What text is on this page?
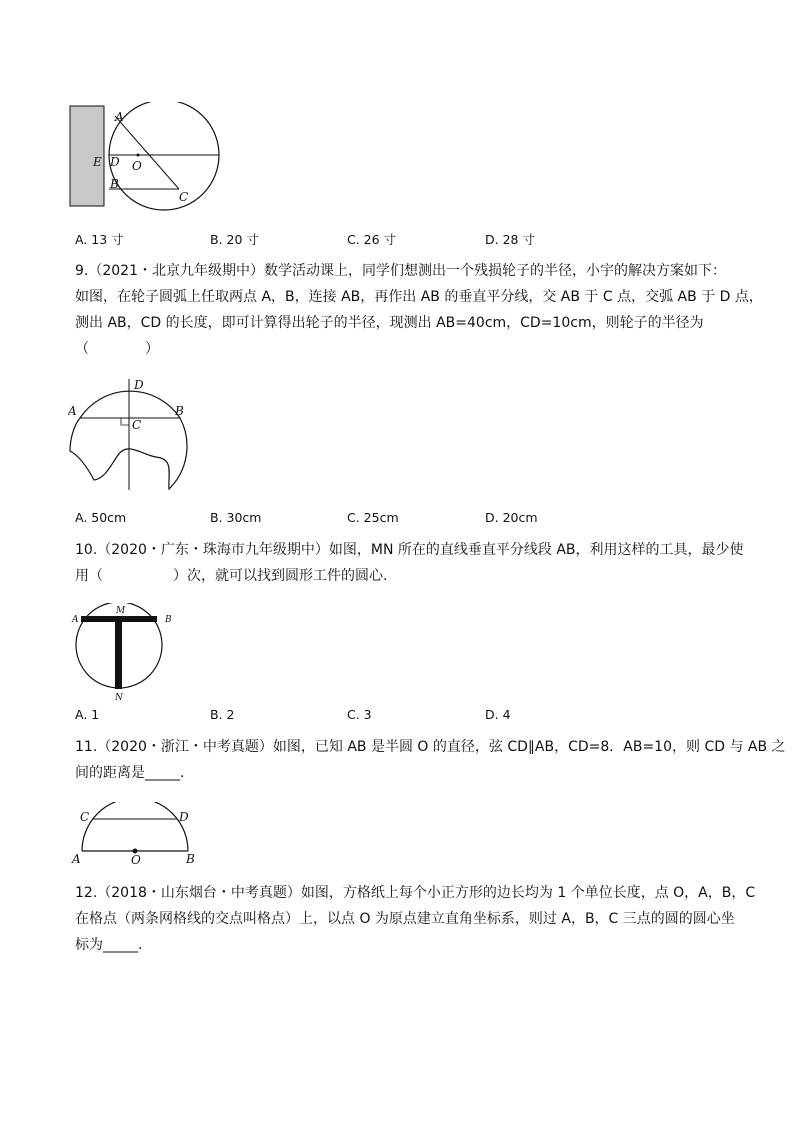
A
E D O
B
C
A. 13 寸	B. 20 寸	C. 26 寸	D. 28 寸

9.（2021・北京九年级期中）数学活动课上，同学们想测出一个残损轮子的半径，小宇的解决方案如下：

如图，在轮子圆弧上任取两点 A，B，连接 AB，再作出 AB 的垂直平分线，交 AB 于 C 点，交弧 AB 于 D 点，

测出 AB，CD 的长度，即可计算得出轮子的半径，现测出 AB=40cm，CD=10cm，则轮子的半径为

（　　　　）

A	B
C
D
A. 50cm	B. 30cm	C. 25cm	D. 20cm

10.（2020・广东・珠海市九年级期中）如图，MN 所在的直线垂直平分线段 AB，利用这样的工具，最少使

用（　　　　　）次，就可以找到圆形工件的圆心.

A
M
B
N
A. 1	B. 2	C. 3	D. 4

11.（2020・浙江・中考真题）如图，已知 AB 是半圆 O 的直径，弦 CD∥AB，CD=8．AB=10，则 CD 与 AB 之

间的距离是_____.

C	D
A	O	B

12.（2018・山东烟台・中考真题）如图，方格纸上每个小正方形的边长均为 1 个单位长度，点 O，A，B，C

在格点（两条网格线的交点叫格点）上，以点 O 为原点建立直角坐标系，则过 A，B，C 三点的圆的圆心坐

标为_____.
